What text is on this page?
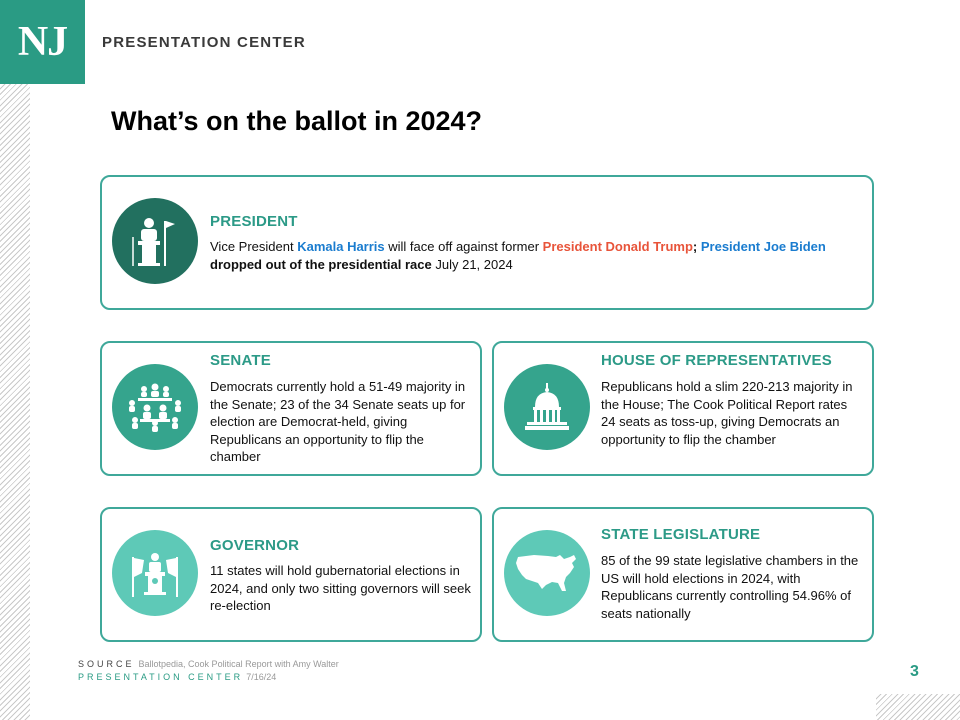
NJ	PRESENTATION CENTER
What’s on the ballot in 2024?
PRESIDENT
Vice President Kamala Harris will face off against former President Donald Trump; President Joe Biden dropped out of the presidential race July 21, 2024
SENATE
Democrats currently hold a 51-49 majority in the Senate; 23 of the 34 Senate seats up for election are Democrat-held, giving Republicans an opportunity to flip the chamber
HOUSE OF REPRESENTATIVES
Republicans hold a slim 220-213 majority in the House; The Cook Political Report rates 24 seats as toss-up, giving Democrats an opportunity to flip the chamber
GOVERNOR
11 states will hold gubernatorial elections in 2024, and only two sitting governors will seek re-election
STATE LEGISLATURE
85 of the 99 state legislative chambers in the US will hold elections in 2024, with Republicans currently controlling 54.96% of seats nationally
SOURCE Ballotpedia, Cook Political Report with Amy Walter
PRESENTATION CENTER 7/16/24	3
